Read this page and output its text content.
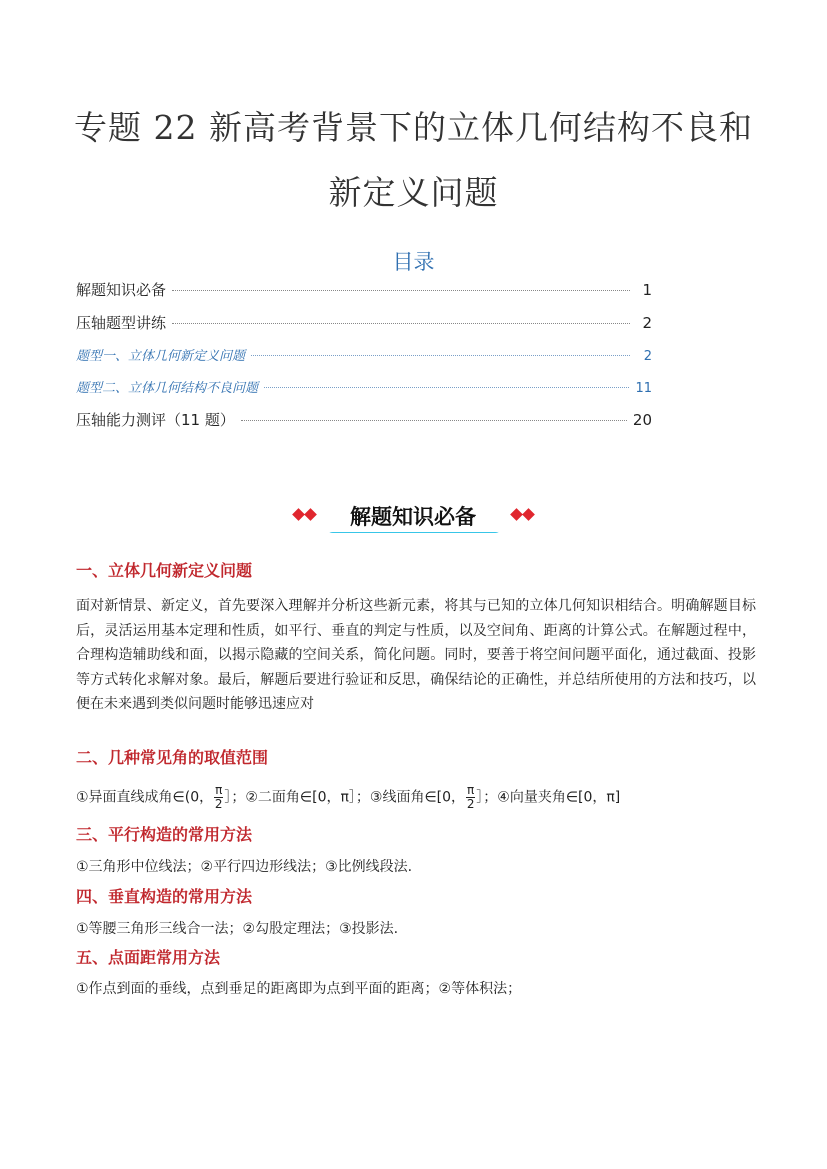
专题 22 新高考背景下的立体几何结构不良和
新定义问题
目录
解题知识必备	1
压轴题型讲练	2
题型一、立体几何新定义问题	2
题型二、立体几何结构不良问题	11
压轴能力测评（11 题）	20
解题知识必备
一、立体几何新定义问题
面对新情景、新定义，首先要深入理解并分析这些新元素，将其与已知的立体几何知识相结合。明确解题目标后，灵活运用基本定理和性质，如平行、垂直的判定与性质，以及空间角、距离的计算公式。在解题过程中，合理构造辅助线和面，以揭示隐藏的空间关系，简化问题。同时，要善于将空间问题平面化，通过截面、投影等方式转化求解对象。最后，解题后要进行验证和反思，确保结论的正确性，并总结所使用的方法和技巧，以便在未来遇到类似问题时能够迅速应对
二、几种常见角的取值范围
①异面直线成角∈(0， $\frac{\pi}{2}$ ］；②二面角∈[0，π］；③线面角∈[0， $\frac{\pi}{2}$ ］；④向量夹角∈[0，π]
三、平行构造的常用方法
①三角形中位线法；②平行四边形线法；③比例线段法.
四、垂直构造的常用方法
①等腰三角形三线合一法；②勾股定理法；③投影法.
五、点面距常用方法
①作点到面的垂线，点到垂足的距离即为点到平面的距离；②等体积法；
